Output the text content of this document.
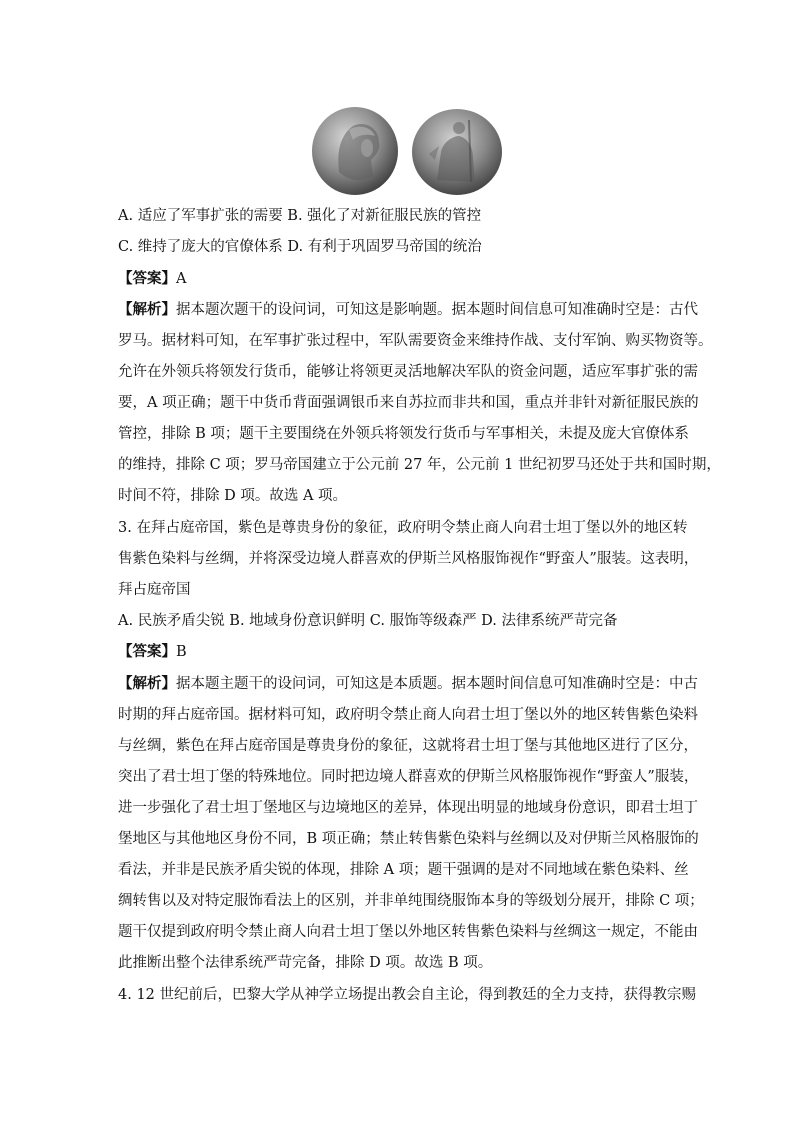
A. 适应了军事扩张的需要 B. 强化了对新征服民族的管控
C. 维持了庞大的官僚体系 D. 有利于巩固罗马帝国的统治
【答案】A
【解析】据本题次题干的设问词，可知这是影响题。据本题时间信息可知准确时空是：古代
罗马。据材料可知，在军事扩张过程中，军队需要资金来维持作战、支付军饷、购买物资等。
允许在外领兵将领发行货币，能够让将领更灵活地解决军队的资金问题，适应军事扩张的需
要，A 项正确；题干中货币背面强调银币来自苏拉而非共和国，重点并非针对新征服民族的
管控，排除 B 项；题干主要围绕在外领兵将领发行货币与军事相关，未提及庞大官僚体系
的维持，排除 C 项；罗马帝国建立于公元前 27 年，公元前 1 世纪初罗马还处于共和国时期，
时间不符，排除 D 项。故选 A 项。
3. 在拜占庭帝国，紫色是尊贵身份的象征，政府明令禁止商人向君士坦丁堡以外的地区转
售紫色染料与丝绸，并将深受边境人群喜欢的伊斯兰风格服饰视作“野蛮人”服装。这表明，
拜占庭帝国
A. 民族矛盾尖锐 B. 地域身份意识鲜明 C. 服饰等级森严 D. 法律系统严苛完备
【答案】B
【解析】据本题主题干的设问词，可知这是本质题。据本题时间信息可知准确时空是：中古
时期的拜占庭帝国。据材料可知，政府明令禁止商人向君士坦丁堡以外的地区转售紫色染料
与丝绸，紫色在拜占庭帝国是尊贵身份的象征，这就将君士坦丁堡与其他地区进行了区分，
突出了君士坦丁堡的特殊地位。同时把边境人群喜欢的伊斯兰风格服饰视作“野蛮人”服装，
进一步强化了君士坦丁堡地区与边境地区的差异，体现出明显的地域身份意识，即君士坦丁
堡地区与其他地区身份不同，B 项正确；禁止转售紫色染料与丝绸以及对伊斯兰风格服饰的
看法，并非是民族矛盾尖锐的体现，排除 A 项；题干强调的是对不同地域在紫色染料、丝
绸转售以及对特定服饰看法上的区别，并非单纯围绕服饰本身的等级划分展开，排除 C 项；
题干仅提到政府明令禁止商人向君士坦丁堡以外地区转售紫色染料与丝绸这一规定，不能由
此推断出整个法律系统严苛完备，排除 D 项。故选 B 项。
4. 12 世纪前后，巴黎大学从神学立场提出教会自主论，得到教廷的全力支持，获得教宗赐
